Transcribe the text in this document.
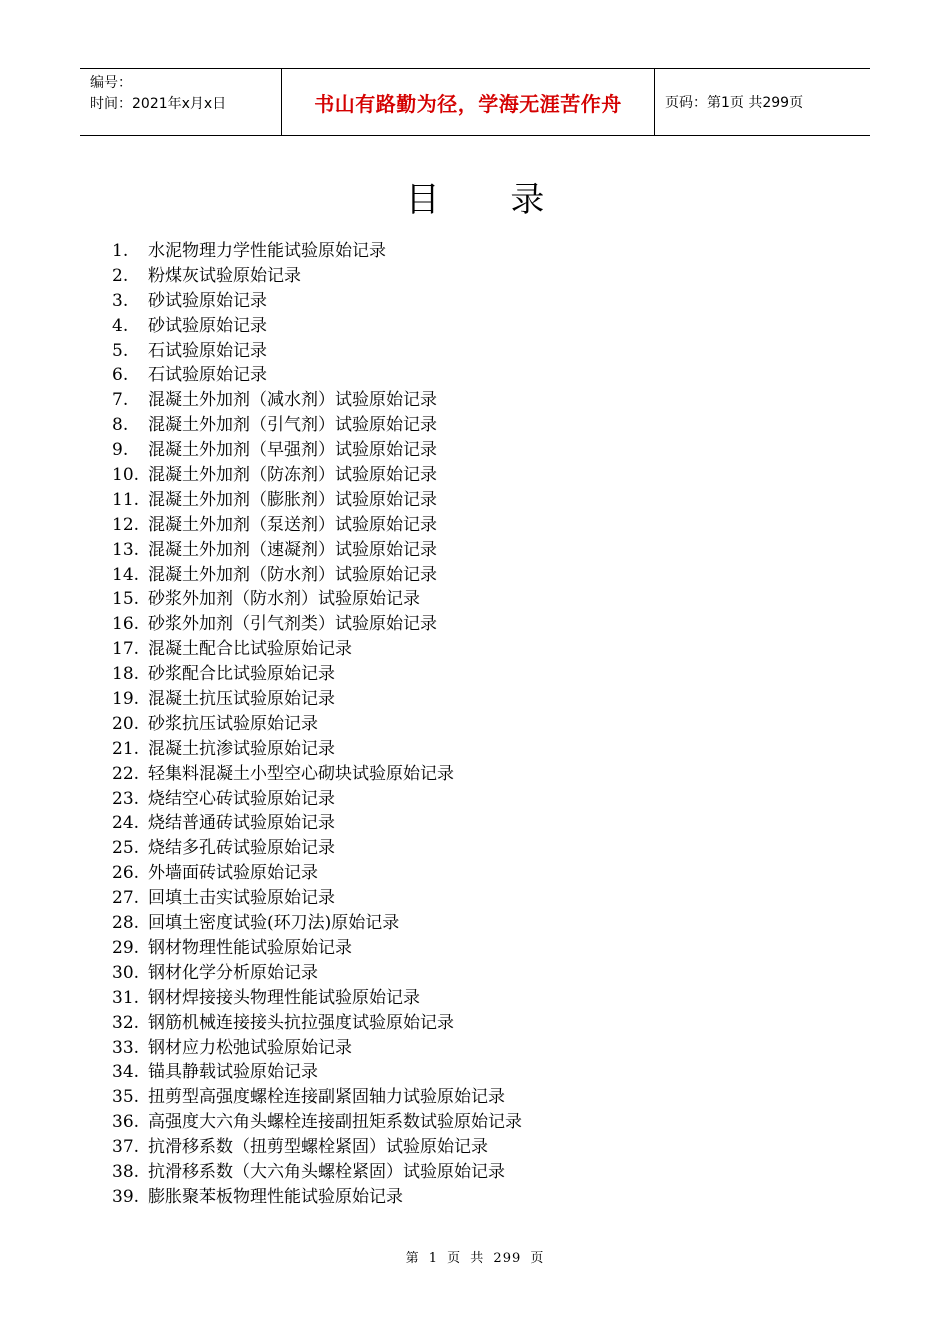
编号：
时间：2021年x月x日	书山有路勤为径，学海无涯苦作舟	页码：第1页 共299页
目 录
1. 水泥物理力学性能试验原始记录
2. 粉煤灰试验原始记录
3. 砂试验原始记录
4. 砂试验原始记录
5. 石试验原始记录
6. 石试验原始记录
7. 混凝土外加剂（减水剂）试验原始记录
8. 混凝土外加剂（引气剂）试验原始记录
9. 混凝土外加剂（早强剂）试验原始记录
10. 混凝土外加剂（防冻剂）试验原始记录
11. 混凝土外加剂（膨胀剂）试验原始记录
12. 混凝土外加剂（泵送剂）试验原始记录
13. 混凝土外加剂（速凝剂）试验原始记录
14. 混凝土外加剂（防水剂）试验原始记录
15. 砂浆外加剂（防水剂）试验原始记录
16. 砂浆外加剂（引气剂类）试验原始记录
17. 混凝土配合比试验原始记录
18. 砂浆配合比试验原始记录
19. 混凝土抗压试验原始记录
20. 砂浆抗压试验原始记录
21. 混凝土抗渗试验原始记录
22. 轻集料混凝土小型空心砌块试验原始记录
23. 烧结空心砖试验原始记录
24. 烧结普通砖试验原始记录
25. 烧结多孔砖试验原始记录
26. 外墙面砖试验原始记录
27. 回填土击实试验原始记录
28. 回填土密度试验(环刀法)原始记录
29. 钢材物理性能试验原始记录
30. 钢材化学分析原始记录
31. 钢材焊接接头物理性能试验原始记录
32. 钢筋机械连接接头抗拉强度试验原始记录
33. 钢材应力松弛试验原始记录
34. 锚具静载试验原始记录
35. 扭剪型高强度螺栓连接副紧固轴力试验原始记录
36. 高强度大六角头螺栓连接副扭矩系数试验原始记录
37. 抗滑移系数（扭剪型螺栓紧固）试验原始记录
38. 抗滑移系数（大六角头螺栓紧固）试验原始记录
39. 膨胀聚苯板物理性能试验原始记录
第 1 页 共 299 页
